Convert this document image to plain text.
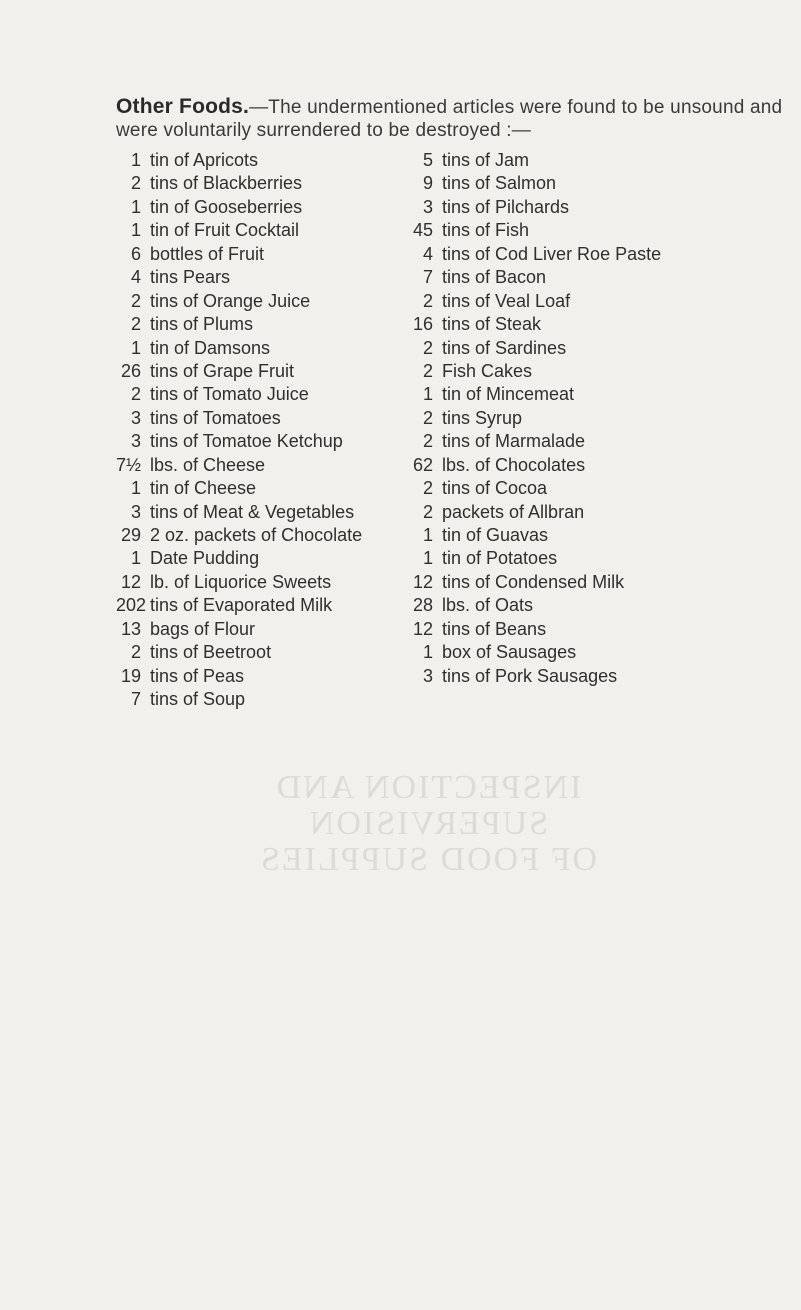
Other Foods.—The undermentioned articles were found to be unsound and were voluntarily surrendered to be destroyed :—
1 tin of Apricots
2 tins of Blackberries
1 tin of Gooseberries
1 tin of Fruit Cocktail
6 bottles of Fruit
4 tins Pears
2 tins of Orange Juice
2 tins of Plums
1 tin of Damsons
26 tins of Grape Fruit
2 tins of Tomato Juice
3 tins of Tomatoes
3 tins of Tomatoe Ketchup
7½ lbs. of Cheese
1 tin of Cheese
3 tins of Meat & Vegetables
29 2 oz. packets of Chocolate
1 Date Pudding
12 lb. of Liquorice Sweets
202 tins of Evaporated Milk
13 bags of Flour
2 tins of Beetroot
19 tins of Peas
7 tins of Soup
5 tins of Jam
9 tins of Salmon
3 tins of Pilchards
45 tins of Fish
4 tins of Cod Liver Roe Paste
7 tins of Bacon
2 tins of Veal Loaf
16 tins of Steak
2 tins of Sardines
2 Fish Cakes
1 tin of Mincemeat
2 tins Syrup
2 tins of Marmalade
62 lbs. of Chocolates
2 tins of Cocoa
2 packets of Allbran
1 tin of Guavas
1 tin of Potatoes
12 tins of Condensed Milk
28 lbs. of Oats
12 tins of Beans
1 box of Sausages
3 tins of Pork Sausages
INSPECTION AND SUPERVISION
OF FOOD SUPPLIES
